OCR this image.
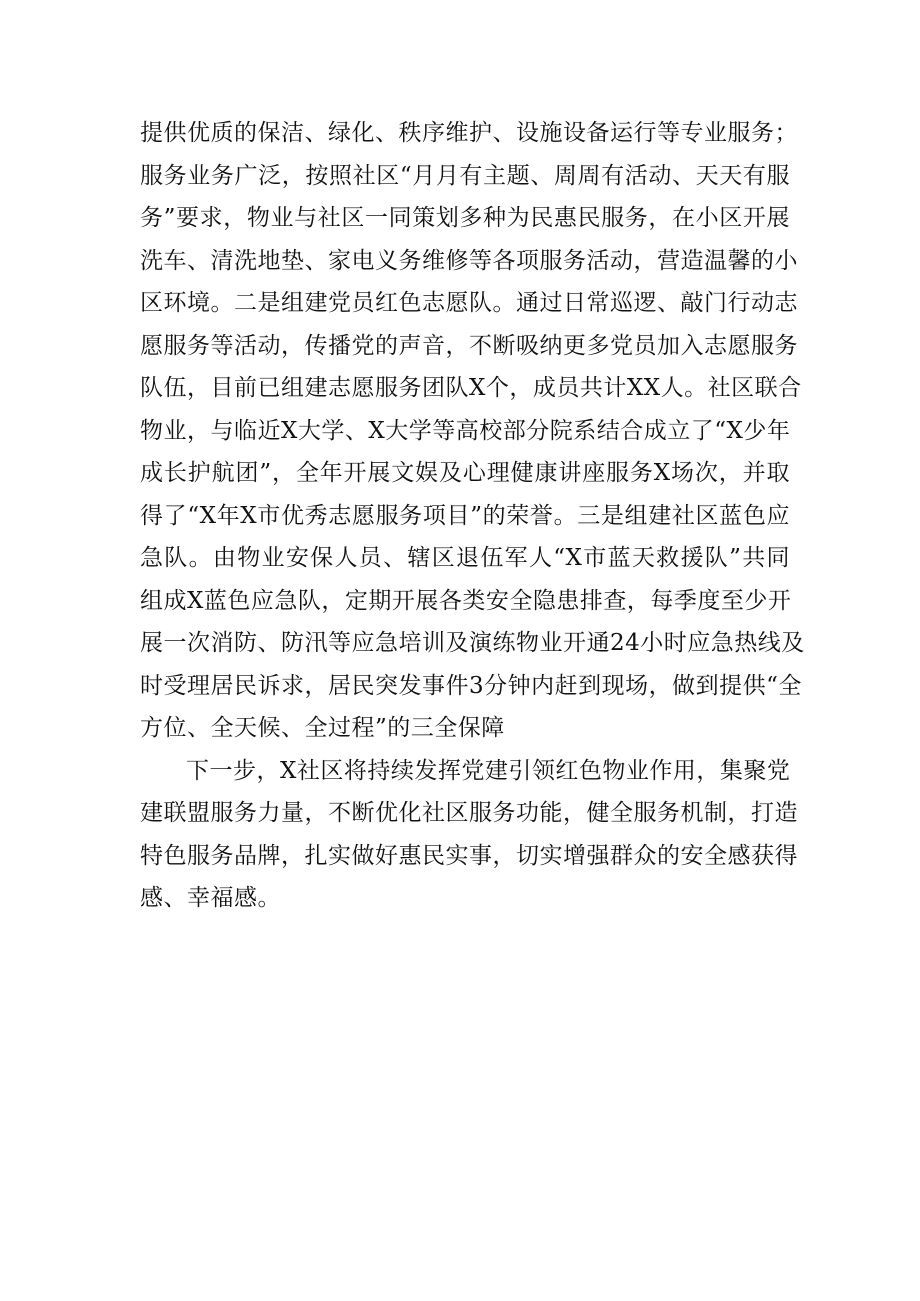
提供优质的保洁、绿化、秩序维护、设施设备运行等专业服务；
服务业务广泛，按照社区“月月有主题、周周有活动、天天有服
务”要求，物业与社区一同策划多种为民惠民服务，在小区开展
洗车、清洗地垫、家电义务维修等各项服务活动，营造温馨的小
区环境。二是组建党员红色志愿队。通过日常巡逻、敲门行动志
愿服务等活动，传播党的声音，不断吸纳更多党员加入志愿服务
队伍，目前已组建志愿服务团队X个，成员共计XX人。社区联合
物业，与临近X大学、X大学等高校部分院系结合成立了“X少年
成长护航团”，全年开展文娱及心理健康讲座服务X场次，并取
得了“X年X市优秀志愿服务项目”的荣誉。三是组建社区蓝色应
急队。由物业安保人员、辖区退伍军人“X市蓝天救援队”共同
组成X蓝色应急队，定期开展各类安全隐患排查，每季度至少开
展一次消防、防汛等应急培训及演练物业开通24小时应急热线及
时受理居民诉求，居民突发事件3分钟内赶到现场，做到提供“全
方位、全天候、全过程”的三全保障
下一步，X社区将持续发挥党建引领红色物业作用，集聚党
建联盟服务力量，不断优化社区服务功能，健全服务机制，打造
特色服务品牌，扎实做好惠民实事，切实增强群众的安全感获得
感、幸福感。
